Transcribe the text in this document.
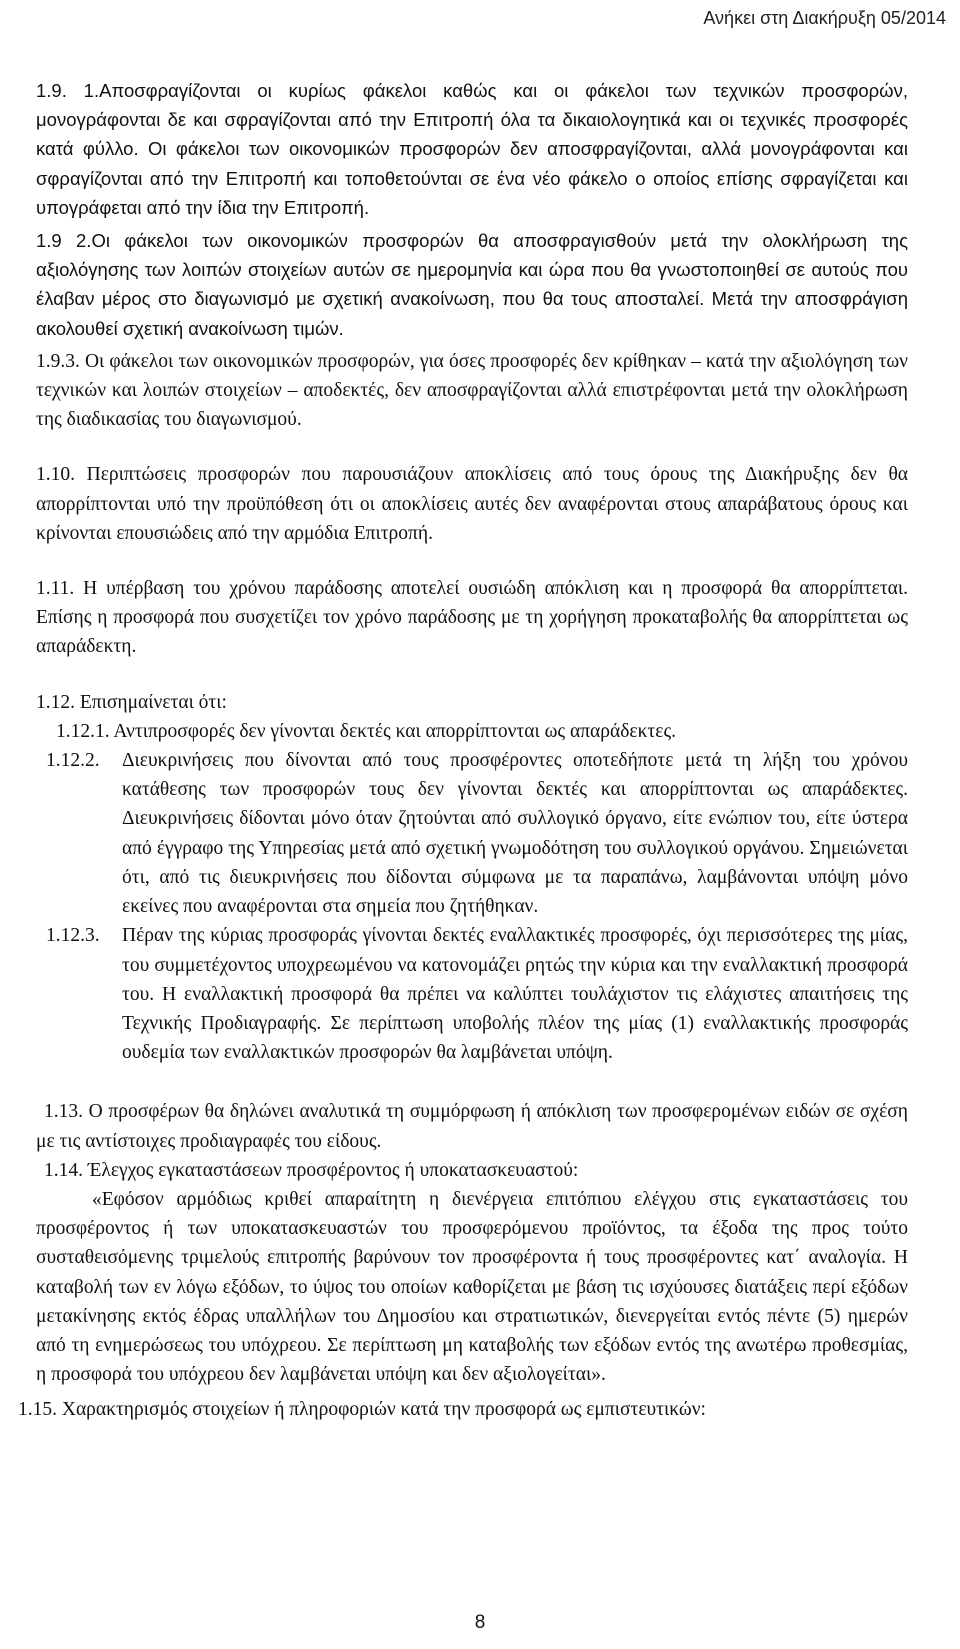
Ανήκει στη Διακήρυξη 05/2014

1.9. 1.Αποσφραγίζονται οι κυρίως φάκελοι καθώς και οι φάκελοι των τεχνικών προσφορών, μονογράφονται δε και σφραγίζονται από την Επιτροπή όλα τα δικαιολογητικά και οι τεχνικές προσφορές κατά φύλλο. Οι φάκελοι των οικονομικών προσφορών δεν αποσφραγίζονται, αλλά μονογράφονται και σφραγίζονται από την Επιτροπή και τοποθετούνται σε ένα νέο φάκελο ο οποίος επίσης σφραγίζεται και υπογράφεται από την ίδια την Επιτροπή.

1.9 2.Οι φάκελοι των οικονομικών προσφορών θα αποσφραγισθούν μετά την ολοκλήρωση της αξιολόγησης των λοιπών στοιχείων αυτών σε ημερομηνία και ώρα που θα γνωστοποιηθεί σε αυτούς που έλαβαν μέρος στο διαγωνισμό με σχετική ανακοίνωση, που θα τους αποσταλεί. Μετά την αποσφράγιση ακολουθεί σχετική ανακοίνωση τιμών.

1.9.3. Οι φάκελοι των οικονομικών προσφορών, για όσες προσφορές δεν κρίθηκαν – κατά την αξιολόγηση των τεχνικών και λοιπών στοιχείων – αποδεκτές, δεν αποσφραγίζονται αλλά επιστρέφονται μετά την ολοκλήρωση της διαδικασίας του διαγωνισμού.

1.10. Περιπτώσεις προσφορών που παρουσιάζουν αποκλίσεις από τους όρους της Διακήρυξης δεν θα απορρίπτονται υπό την προϋπόθεση ότι οι αποκλίσεις αυτές δεν αναφέρονται στους απαράβατους όρους και κρίνονται επουσιώδεις από την αρμόδια Επιτροπή.

1.11. Η υπέρβαση του χρόνου παράδοσης αποτελεί ουσιώδη απόκλιση και η προσφορά θα απορρίπτεται. Επίσης η προσφορά που συσχετίζει τον χρόνο παράδοσης με τη χορήγηση προκαταβολής θα απορρίπτεται ως απαράδεκτη.

1.12. Επισημαίνεται ότι:

1.12.1. Αντιπροσφορές δεν γίνονται δεκτές και απορρίπτονται ως απαράδεκτες.

1.12.2.	Διευκρινήσεις που δίνονται από τους προσφέροντες οποτεδήποτε μετά τη λήξη του χρόνου κατάθεσης των προσφορών τους δεν γίνονται δεκτές και απορρίπτονται ως απαράδεκτες. Διευκρινήσεις δίδονται μόνο όταν ζητούνται από συλλογικό όργανο, είτε ενώπιον του, είτε ύστερα από έγγραφο της Υπηρεσίας μετά από σχετική γνωμοδότηση του συλλογικού οργάνου. Σημειώνεται ότι, από τις διευκρινήσεις που δίδονται σύμφωνα με τα παραπάνω, λαμβάνονται υπόψη μόνο εκείνες που αναφέρονται στα σημεία που ζητήθηκαν.

1.12.3.	Πέραν της κύριας προσφοράς γίνονται δεκτές εναλλακτικές προσφορές, όχι περισσότερες της μίας, του συμμετέχοντος υποχρεωμένου να κατονομάζει ρητώς την κύρια και την εναλλακτική προσφορά του. Η εναλλακτική προσφορά θα πρέπει να καλύπτει τουλάχιστον τις ελάχιστες απαιτήσεις της Τεχνικής Προδιαγραφής. Σε περίπτωση υποβολής πλέον της μίας (1) εναλλακτικής προσφοράς ουδεμία των εναλλακτικών προσφορών θα λαμβάνεται υπόψη.

1.13. Ο προσφέρων θα δηλώνει αναλυτικά τη συμμόρφωση ή απόκλιση των προσφερομένων ειδών σε σχέση με τις αντίστοιχες προδιαγραφές του είδους.

1.14. Έλεγχος εγκαταστάσεων προσφέροντος ή υποκατασκευαστού:

«Εφόσον αρμόδιως κριθεί απαραίτητη η διενέργεια επιτόπιου ελέγχου στις εγκαταστάσεις του προσφέροντος ή των υποκατασκευαστών του προσφερόμενου προϊόντος, τα έξοδα της προς τούτο συσταθεισόμενης τριμελούς επιτροπής βαρύνουν τον προσφέροντα ή τους προσφέροντες κατ΄ αναλογία. Η καταβολή των εν λόγω εξόδων, το ύψος του οποίων καθορίζεται με βάση τις ισχύουσες διατάξεις περί εξόδων μετακίνησης εκτός έδρας υπαλλήλων του Δημοσίου και στρατιωτικών, διενεργείται εντός πέντε (5) ημερών από τη ενημερώσεως του υπόχρεου. Σε περίπτωση μη καταβολής των εξόδων εντός της ανωτέρω προθεσμίας, η προσφορά του υπόχρεου δεν λαμβάνεται υπόψη και δεν αξιολογείται».

1.15. Χαρακτηρισμός στοιχείων ή πληροφοριών κατά την προσφορά ως εμπιστευτικών:

8
